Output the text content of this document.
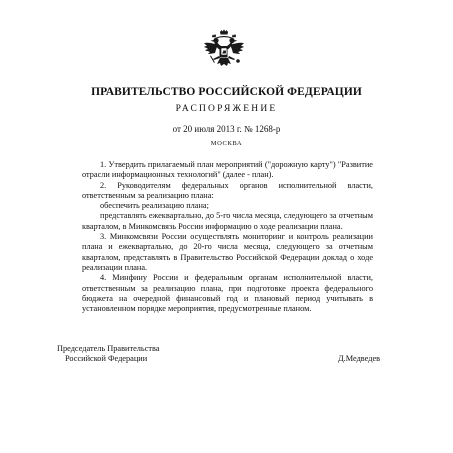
ПРАВИТЕЛЬСТВО РОССИЙСКОЙ ФЕДЕРАЦИИ
РАСПОРЯЖЕНИЕ
от 20 июля 2013 г. № 1268-р
МОСКВА

1. Утвердить прилагаемый план мероприятий ("дорожную карту") "Развитие отрасли информационных технологий" (далее - план).

2. Руководителям федеральных органов исполнительной власти, ответственным за реализацию плана:

обеспечить реализацию плана;

представлять ежеквартально, до 5-го числа месяца, следующего за отчетным кварталом, в Минкомсвязь России информацию о ходе реализации плана.

3. Минкомсвязи России осуществлять мониторинг и контроль реализации плана и ежеквартально, до 20-го числа месяца, следующего за отчетным кварталом, представлять в Правительство Российской Федерации доклад о ходе реализации плана.

4. Минфину России и федеральным органам исполнительной власти, ответственным за реализацию плана, при подготовке проекта федерального бюджета на очередной финансовый год и плановый период учитывать в установленном порядке мероприятия, предусмотренные планом.

Председатель Правительства
Российской Федерации	Д.Медведев
